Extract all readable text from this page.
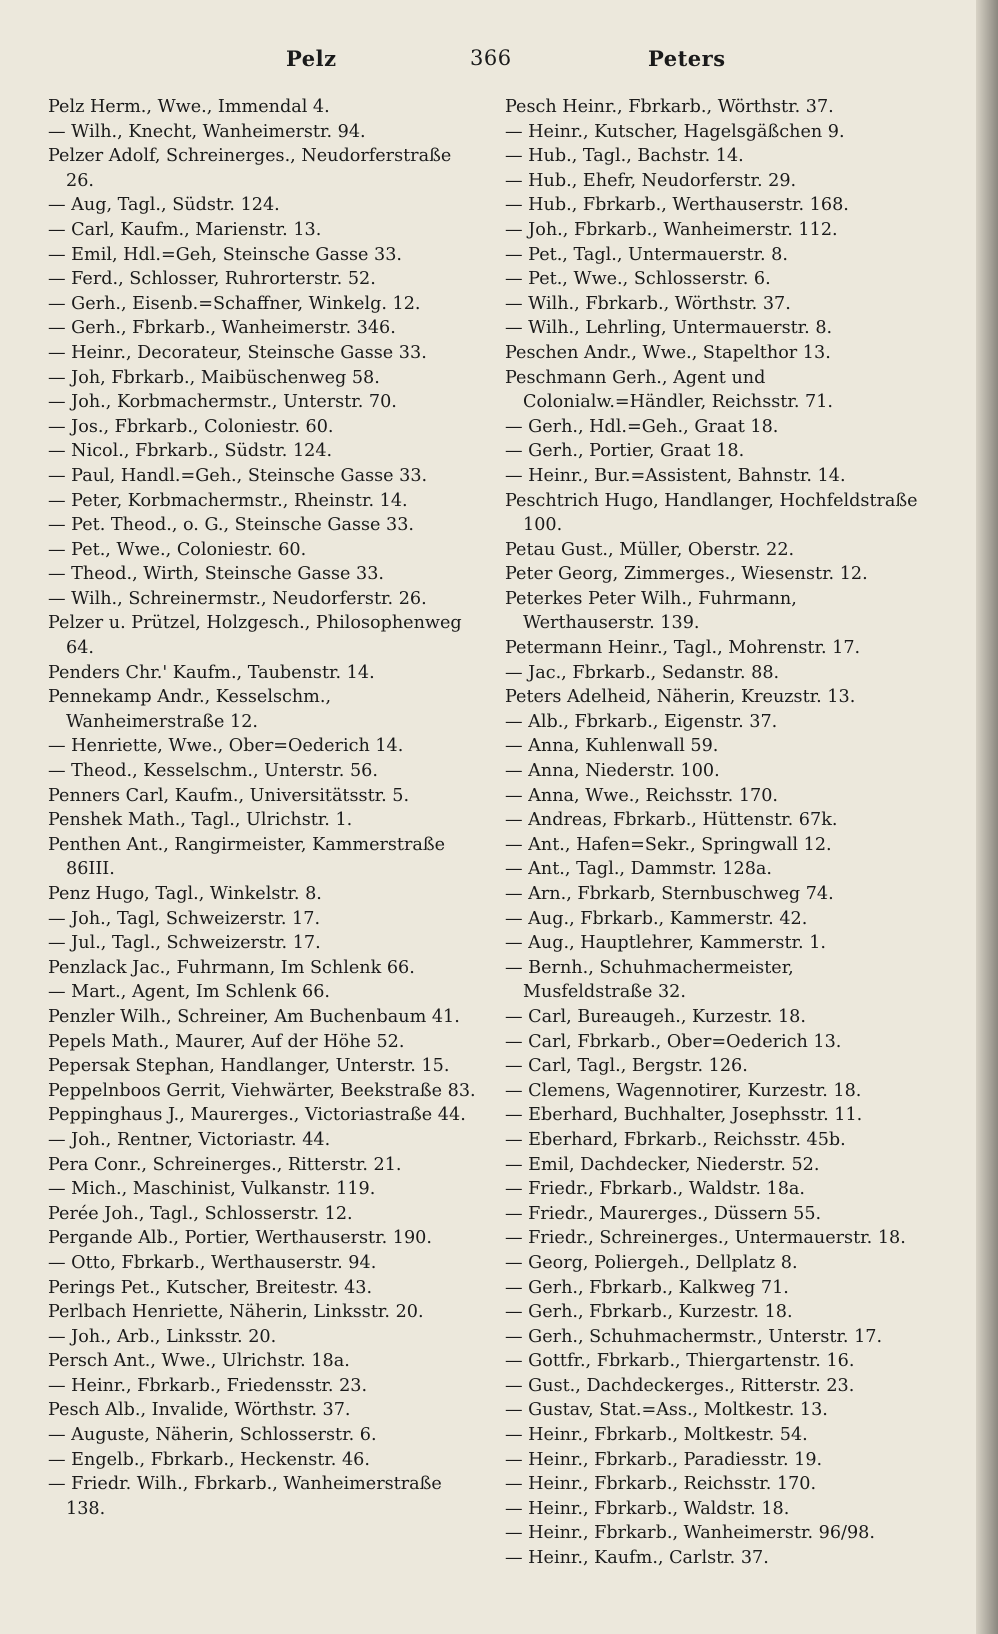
Pelz	366	Peters
Pelz Herm., Wwe., Immendal 4.
— Wilh., Knecht, Wanheimerstr. 94.
Pelzer Adolf, Schreinerges., Neudorferstraße 26.
— Aug, Tagl., Südstr. 124.
— Carl, Kaufm., Marienstr. 13.
— Emil, Hdl.=Geh, Steinsche Gasse 33.
— Ferd., Schlosser, Ruhrorterstr. 52.
— Gerh., Eisenb.=Schaffner, Winkelg. 12.
— Gerh., Fbrkarb., Wanheimerstr. 346.
— Heinr., Decorateur, Steinsche Gasse 33.
— Joh, Fbrkarb., Maibüschenweg 58.
— Joh., Korbmachermstr., Unterstr. 70.
— Jos., Fbrkarb., Coloniestr. 60.
— Nicol., Fbrkarb., Südstr. 124.
— Paul, Handl.=Geh., Steinsche Gasse 33.
— Peter, Korbmachermstr., Rheinstr. 14.
— Pet. Theod., o. G., Steinsche Gasse 33.
— Pet., Wwe., Coloniestr. 60.
— Theod., Wirth, Steinsche Gasse 33.
— Wilh., Schreinermstr., Neudorferstr. 26.
Pelzer u. Prützel, Holzgesch., Philosophenweg 64.
Penders Chr.' Kaufm., Taubenstr. 14.
Pennekamp Andr., Kesselschm., Wanheimerstraße 12.
— Henriette, Wwe., Ober=Oederich 14.
— Theod., Kesselschm., Unterstr. 56.
Penners Carl, Kaufm., Universitätsstr. 5.
Penshek Math., Tagl., Ulrichstr. 1.
Penthen Ant., Rangirmeister, Kammerstraße 86III.
Penz Hugo, Tagl., Winkelstr. 8.
— Joh., Tagl, Schweizerstr. 17.
— Jul., Tagl., Schweizerstr. 17.
Penzlack Jac., Fuhrmann, Im Schlenk 66.
— Mart., Agent, Im Schlenk 66.
Penzler Wilh., Schreiner, Am Buchenbaum 41.
Pepels Math., Maurer, Auf der Höhe 52.
Pepersak Stephan, Handlanger, Unterstr. 15.
Peppelnboos Gerrit, Viehwärter, Beekstraße 83.
Peppinghaus J., Maurerges., Victoriastraße 44.
— Joh., Rentner, Victoriastr. 44.
Pera Conr., Schreinerges., Ritterstr. 21.
— Mich., Maschinist, Vulkanstr. 119.
Perée Joh., Tagl., Schlosserstr. 12.
Pergande Alb., Portier, Werthauserstr. 190.
— Otto, Fbrkarb., Werthauserstr. 94.
Perings Pet., Kutscher, Breitestr. 43.
Perlbach Henriette, Näherin, Linksstr. 20.
— Joh., Arb., Linksstr. 20.
Persch Ant., Wwe., Ulrichstr. 18a.
— Heinr., Fbrkarb., Friedensstr. 23.
Pesch Alb., Invalide, Wörthstr. 37.
— Auguste, Näherin, Schlosserstr. 6.
— Engelb., Fbrkarb., Heckenstr. 46.
— Friedr. Wilh., Fbrkarb., Wanheimerstraße 138.
Pesch Heinr., Fbrkarb., Wörthstr. 37.
— Heinr., Kutscher, Hagelsgäßchen 9.
— Hub., Tagl., Bachstr. 14.
— Hub., Ehefr, Neudorferstr. 29.
— Hub., Fbrkarb., Werthauserstr. 168.
— Joh., Fbrkarb., Wanheimerstr. 112.
— Pet., Tagl., Untermauerstr. 8.
— Pet., Wwe., Schlosserstr. 6.
— Wilh., Fbrkarb., Wörthstr. 37.
— Wilh., Lehrling, Untermauerstr. 8.
Peschen Andr., Wwe., Stapelthor 13.
Peschmann Gerh., Agent und Colonialw.=Händler, Reichsstr. 71.
— Gerh., Hdl.=Geh., Graat 18.
— Gerh., Portier, Graat 18.
— Heinr., Bur.=Assistent, Bahnstr. 14.
Peschtrich Hugo, Handlanger, Hochfeldstraße 100.
Petau Gust., Müller, Oberstr. 22.
Peter Georg, Zimmerges., Wiesenstr. 12.
Peterkes Peter Wilh., Fuhrmann, Werthauserstr. 139.
Petermann Heinr., Tagl., Mohrenstr. 17.
— Jac., Fbrkarb., Sedanstr. 88.
Peters Adelheid, Näherin, Kreuzstr. 13.
— Alb., Fbrkarb., Eigenstr. 37.
— Anna, Kuhlenwall 59.
— Anna, Niederstr. 100.
— Anna, Wwe., Reichsstr. 170.
— Andreas, Fbrkarb., Hüttenstr. 67k.
— Ant., Hafen=Sekr., Springwall 12.
— Ant., Tagl., Dammstr. 128a.
— Arn., Fbrkarb, Sternbuschweg 74.
— Aug., Fbrkarb., Kammerstr. 42.
— Aug., Hauptlehrer, Kammerstr. 1.
— Bernh., Schuhmachermeister, Musfeldstraße 32.
— Carl, Bureaugeh., Kurzestr. 18.
— Carl, Fbrkarb., Ober=Oederich 13.
— Carl, Tagl., Bergstr. 126.
— Clemens, Wagennotirer, Kurzestr. 18.
— Eberhard, Buchhalter, Josephsstr. 11.
— Eberhard, Fbrkarb., Reichsstr. 45b.
— Emil, Dachdecker, Niederstr. 52.
— Friedr., Fbrkarb., Waldstr. 18a.
— Friedr., Maurerges., Düssern 55.
— Friedr., Schreinerges., Untermauerstr. 18.
— Georg, Poliergeh., Dellplatz 8.
— Gerh., Fbrkarb., Kalkweg 71.
— Gerh., Fbrkarb., Kurzestr. 18.
— Gerh., Schuhmachermstr., Unterstr. 17.
— Gottfr., Fbrkarb., Thiergartenstr. 16.
— Gust., Dachdeckerges., Ritterstr. 23.
— Gustav, Stat.=Ass., Moltkestr. 13.
— Heinr., Fbrkarb., Moltkestr. 54.
— Heinr., Fbrkarb., Paradiesstr. 19.
— Heinr., Fbrkarb., Reichsstr. 170.
— Heinr., Fbrkarb., Waldstr. 18.
— Heinr., Fbrkarb., Wanheimerstr. 96/98.
— Heinr., Kaufm., Carlstr. 37.
